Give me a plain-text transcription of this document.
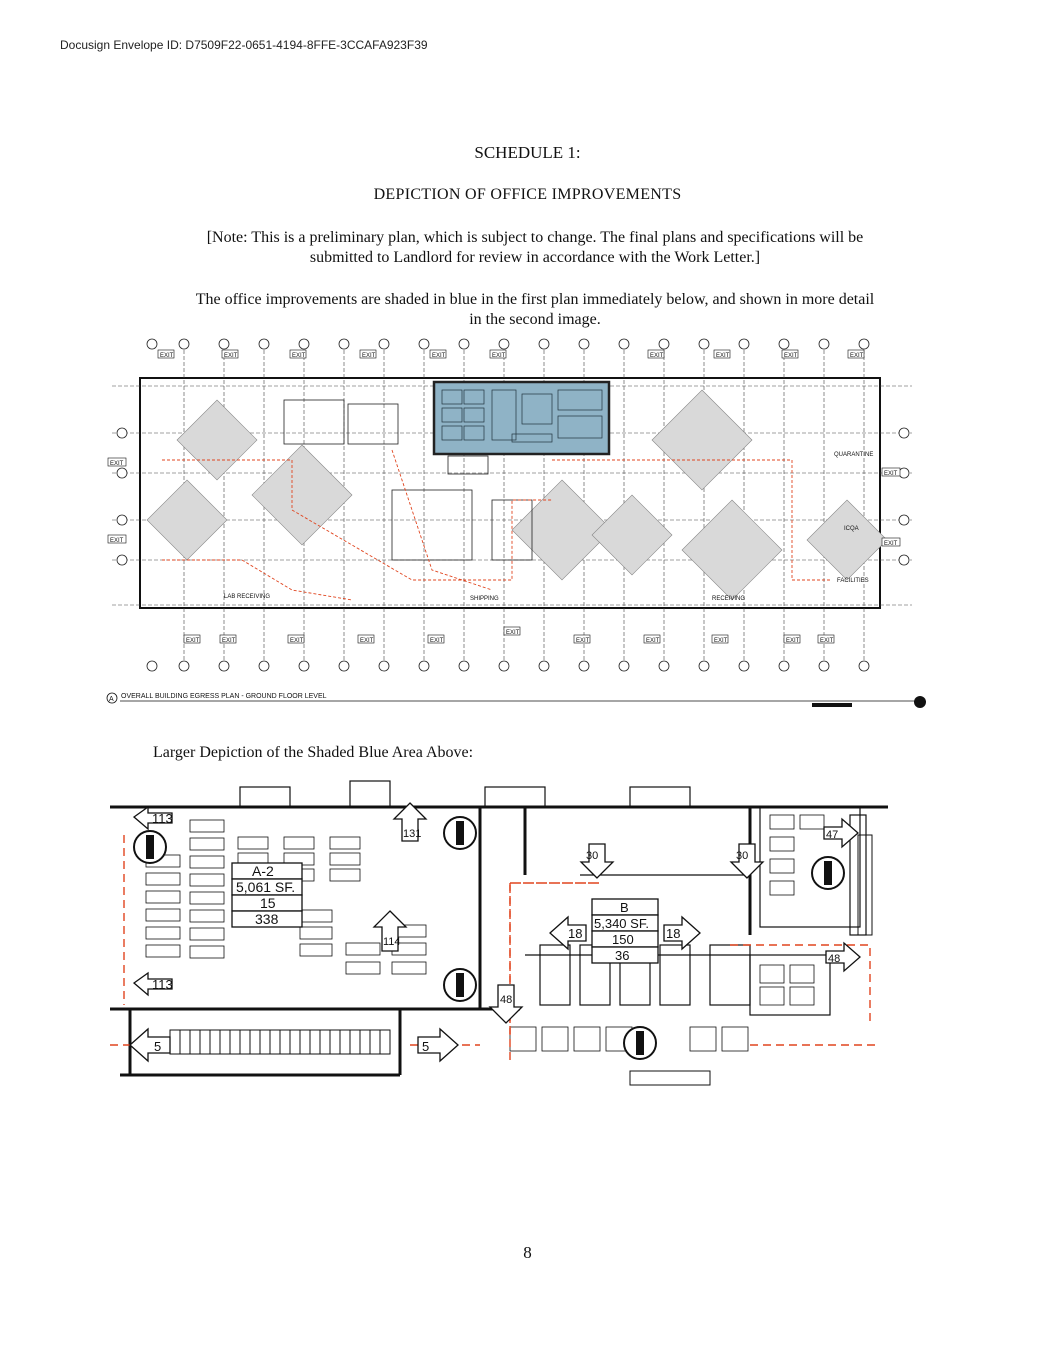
Docusign Envelope ID: D7509F22-0651-4194-8FFE-3CCAFA923F39
SCHEDULE 1:
DEPICTION OF OFFICE IMPROVEMENTS
[Note: This is a preliminary plan, which is subject to change. The final plans and specifications will be
submitted to Landlord for review in accordance with the Work Letter.]
The office improvements are shaded in blue in the first plan immediately below, and shown in more detail
in the second image.
EXIT	EXIT	EXIT	EXIT	EXIT	EXIT	EXIT	EXIT	EXIT	EXIT
EXIT	EXIT	EXIT	EXIT	EXIT
EXIT
EXIT	EXIT	EXIT	EXIT	EXIT
EXIT
EXIT
EXIT
EXIT
LAB RECEIVING	SHIPPING	RECEIVING
QUARANTINE
ICQA
FACILITIES
A OVERALL BUILDING EGRESS PLAN - GROUND FLOOR LEVEL
Larger Depiction of the Shaded Blue Area Above:
A-2
5,061 SF.
15
338
B
5,340 SF.
150
36
113
131
114
113
5	5
30	30
18	18
48
47
48
8
